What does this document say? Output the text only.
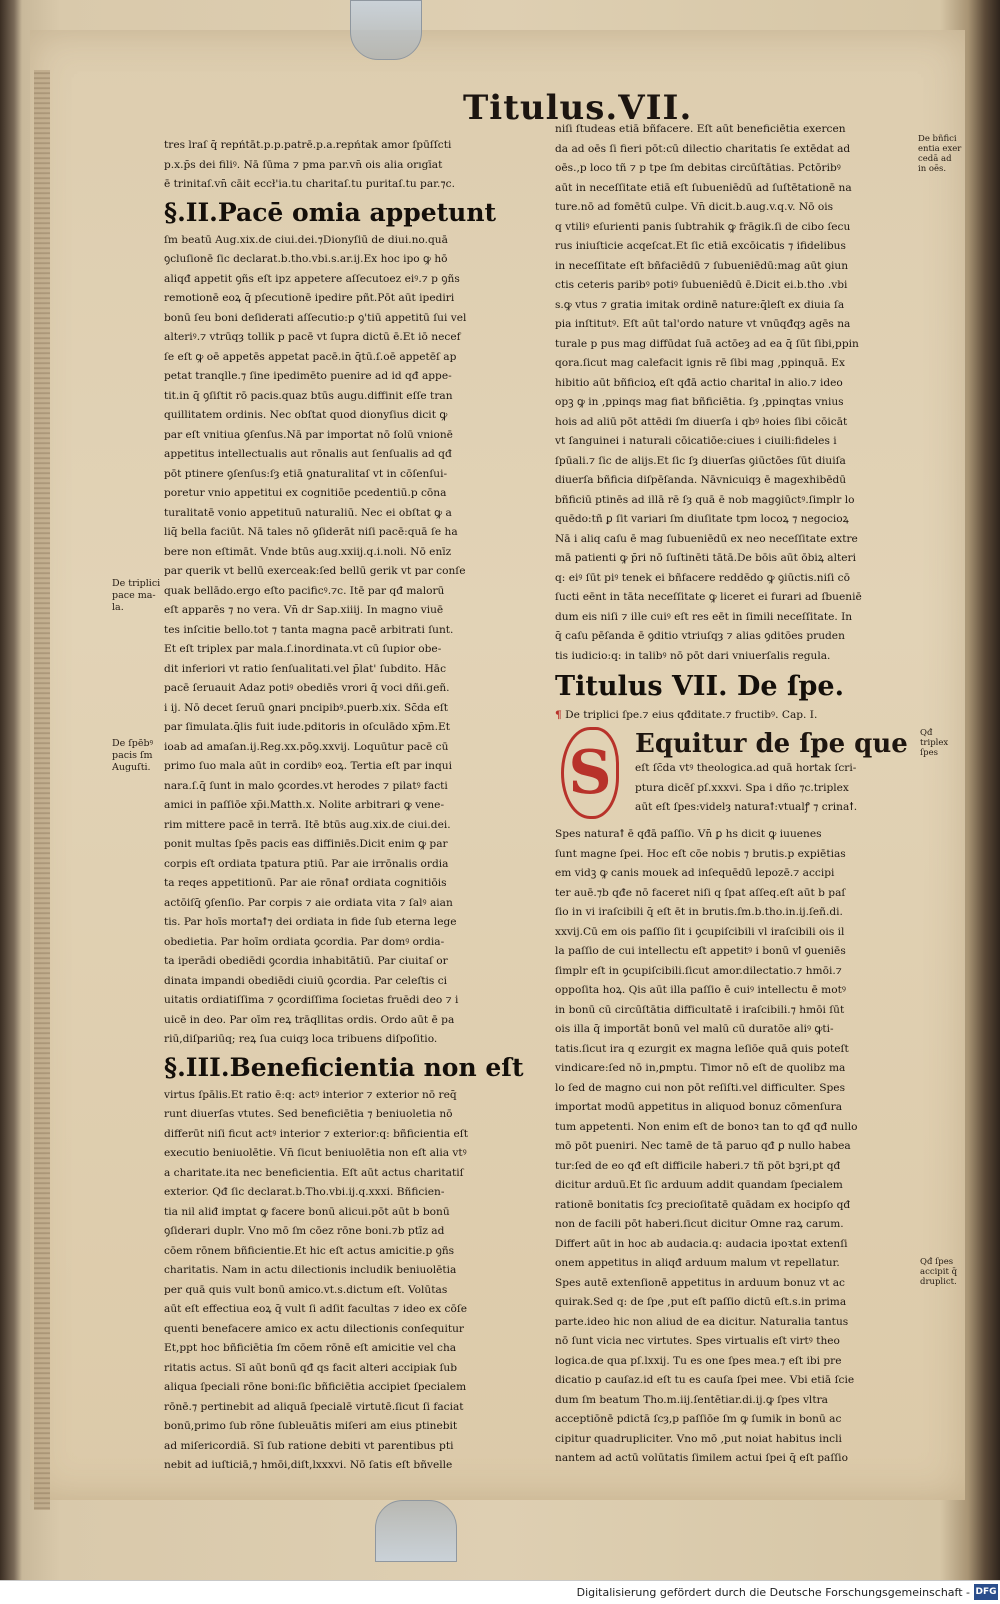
Titulus.VII.
De triplici
pace ma-
la.
De ſpēbꝰ
pacis ſm
Auguſti.
De bñfici
entia exer
cedā ad
in oēs.
Qđ triplex
ſpes
Qđ ſpes
accipit q̄
druplict.

tres lraſ q̄ repńtāt.p.p.patrē.p.a.repńtak amor ſpūſſcti

p.x.p̄s dei filiꝰ. Nā ſūma ⁊ pma par.vn̄ ois alia orıgīat

ē trinitaſ.vn̄ cāit eccł'ia.tu charitaſ.tu puritaſ.tu par.⁊c.

§.II.Pacē omia appetunt

ſm beatū Aug.xix.de ciui.dei.⁊Dionyſiū de diui.no.quā

ꝯcluſionē ſic declarat.b.tho.vbi.s.ar.ij.Ex hoc ipo ꝙ hō

aliqđ appetit ꝯñs eſt ipz appetere aſſecutoez eiꝰ.⁊ p ꝯñs

remotionē eoꝝ q̄ pſecutionē ipedire pñt.Pōt aūt ipediri

bonū ſeu boni deſiderati aſſecutio:p ꝯ'tiū appetitū ſui vel

alteriꝰ.⁊ vtrūqȝ tollik p pacē vt ſupra dictū ē.Et iō necef

ſe eſt ꝙ oē appetēs appetat pacē.in q̄tū.ſ.oē appetēſ ap

petat tranqlle.⁊ ſine ipedimēto puenire ad id qđ appe-

tit.in q̄ ꝯſiſtit rō pacis.quaz btūs augu.diffinit eſſe tran

quillitatem ordinis. Nec obſtat quod dionyſius dicit ꝙ

par eſt vnitiua ꝯſenſus.Nā par importat nō ſolū vnionē

appetitus intellectualis aut rōnalis aut ſenſualis ad qđ

pōt ptinere ꝯſenſus:ſȝ etiā ꝯnaturalitaſ vt in cōſenſui-

poretur vnio appetitui ex cognitiōe pcedentiū.p cōna

turalitatē vonio appetituū naturaliū. Nec ei obſtat ꝙ a

liq̄ bella faciūt. Nā tales nō ꝯſiderāt niſi pacē:quā ſe ha

bere non eſtimāt. Vnde btūs aug.xxiij.q.i.noli. Nō enīz

par querik vt bellū exerceak:ſed bellū gerik vt par conſe

quak bellādo.ergo eſto pacificꝰ.⁊c. Itē par qđ malorū

eſt apparēs ⁊ no vera. Vn̄ dr Sap.xiiij. In magno viuē

tes inſcitie bello.tot ⁊ tanta magna pacē arbitrati ſunt.

Et eſt triplex par mala.ſ.inordinata.vt cū ſupior obe-

dit inferiori vt ratio ſenſualitati.vel p̄lat' ſubdito. Hāc

pacē ſeruauit Adaz potiꝰ obediēs vrori q̄ voci dñi.geñ.

i ij. Nō decet ſeruū ꝯnari pncipibꝰ.puerb.xix. Sc̄da eſt

par ſimulata.q̄lis fuit iude.pditoris in oſculādo xp̄m.Et

ioab ad amaſan.ij.Reg.xx.pōꝯ.xxvij. Loquūtur pacē cū

primo ſuo mala aūt in cordibꝰ eoꝝ. Tertia eſt par inqui

nara.ſ.q̄ ſunt in malo ꝯcordes.vt herodes ⁊ pilatꝰ facti

amici in paſſiōe xp̄i.Matth.x. Nolite arbitrari ꝙ vene-

rim mittere pacē in terrā. Itē btūs aug.xix.de ciui.dei.

ponit multas ſpēs pacis eas diffiniēs.Dicit enim ꝙ par

corpis eſt ordiata tpatura ptiū. Par aie irrōnalis ordia

ta reqes appetitionū. Par aie rōnaꝉ ordiata cognitiōis

actōiſq̄ ꝯſenſio. Par corpis ⁊ aie ordiata vita ⁊ ſalꝰ aian

tis. Par hoīs mortaꝉ⁊ dei ordiata in fide ſub eterna lege

obedietia. Par hoīm ordiata ꝯcordia. Par domꝰ ordia-

ta iperādi obediēdi ꝯcordia inhabitātiū. Par ciuitaſ or

dinata impandi obediēdi ciuiū ꝯcordia. Par celeſtis ci

uitatis ordiatiſſima ⁊ ꝯcordiſſima ſocietas fruēdi deo ⁊ i

uicē in deo. Par oīm reꝝ trāqllitas ordis. Ordo aūt ē pa

riū,diſpariūq; reꝝ ſua cuiqȝ loca tribuens diſpoſitio.

§.III.Beneficientia non eſt

virtus ſpālis.Et ratio ē:q: actꝰ interior ⁊ exterior nō req̄

runt diuerſas vtutes. Sed beneficiētia ⁊ beniuoletia nō

differūt niſi ficut actꝰ interior ⁊ exterior:q: bñficientia eſt

executio beniuolētie. Vn̄ ſicut beniuolētia non eſt alia vtꝰ

a charitate.ita nec beneficientia. Eſt aūt actus charitatiſ

exterior. Qđ ſic declarat.b.Tho.vbi.ij.q.xxxi. Bñficien-

tia nil aliđ imptat ꝙ facere bonū alicui.pōt aūt b bonū

ꝯſiderari duplr. Vno mō ſm cōez rōne boni.⁊b ptīz ad

cōem rōnem bñficientie.Et hic eſt actus amicitie.p ꝯñs

charitatis. Nam in actu dilectionis includik beniuolētia

per quā quis vult bonū amico.vt.s.dictum eſt. Volūtas

aūt eſt effectiua eoꝝ q̄ vult ſi adſit facultas ⁊ ideo ex cōſe

quenti benefacere amico ex actu dilectionis conſequitur

Et,ppt hoc bñficiētia ſm cōem rōnē eſt amicitie vel cha

ritatis actus. Sī aūt bonū qđ qs facit alteri accipiak ſub

aliqua ſpeciali rōne boni:ſic bñficiētia accipiet ſpecialem

rōnē.⁊ pertinebit ad aliquā ſpecialē virtutē.ſicut ſi faciat

bonū,primo ſub rōne ſubleuātis miſeri am eius ptinebit

ad miſericordiā. Sī ſub ratione debiti vt parentibus pti

nebit ad iuſticiā,⁊ hmōi,diſt,lxxxvi. Nō ſatis eſt bñvelle

niſi ſtudeas etiā bñfacere. Eſt aūt beneficiētia exercen

da ad oēs ſi fieri pōt:cū dilectio charitatis ſe extēdat ad

oēs.,p loco tñ ⁊ p tpe ſm debitas circūſtātias. Pctōribꝰ

aūt in neceſſitate etiā eſt ſubueniēdū ad ſuſtētationē na

ture.nō ad fomētū culpe. Vn̄ dicit.b.aug.v.q.v. Nō ois

q vtiliꝰ eſurienti panis ſubtrahik ꝙ frāgik.ſi de cibo ſecu

rus iniuſticie acqeſcat.Et ſic etiā excōicatis ⁊ ifidelibus

in neceſſitate eſt bñfaciēdū ⁊ ſubueniēdū:mag aūt ꝯiun

ctis ceteris paribꝰ potiꝰ ſubueniēdū ē.Dicit ei.b.tho .vbi

s.ꝙ vtus ⁊ gratia imitak ordinē nature:q̄leſt ex diuia ſa

pia inſtitutꝰ. Eſt aūt tal'ordo nature vt vnūqđqȝ agēs na

turale p pus mag diffūdat ſuā actōeȝ ad ea q̄ ſūt ſibi,ppin

qora.ſicut mag calefacit ignis rē ſibi mag ,ppinquā. Ex

hibitio aūt bñficioꝝ eſt qđā actio charitaꝉ in alio.⁊ ideo

opꝫ ꝙ in ,ppinqs mag fiat bñficiētia. ſȝ ,ppinqtas vnius

hois ad aliū pōt attēdi ſm diuerſa i qbꝰ hoies ſibi cōicāt

vt ſanguinei i naturali cōicatiōe:ciues i ciuili:fideles i

ſpūali.⁊ ſic de alijs.Et ſic ſȝ diuerſas ꝯiūctōes ſūt diuiſa

diuerſa bñficia diſpēſanda. Nāvnicuiqȝ ē magexhibēdū

bñficiū ptinēs ad illā rē ſȝ quā ē nob magꝯiūctꝰ.ſimplr lo

quēdo:tñ ꝑ ſit variari ſm diuſitate tpm locoꝝ ⁊ negocioꝝ

Nā i aliq caſu ē mag ſubueniēdū ex neo neceſſitate extre

mā patienti ꝙ p̄ri nō ſuſtinēti tātā.De bōis aūt ōbiꝝ alteri

q: eiꝰ ſūt piꝰ tenek ei bñfacere reddēdo ꝙ ꝯiūctis.niſi cō

ſucti eēnt in tāta neceſſitate ꝙ liceret ei furari ad ſbueniē

dum eis niſi ⁊ ille cuiꝰ eſt res eēt in ſimili neceſſitate. In

q̄ caſu pēſanda ē ꝯditio vtriuſqȝ ⁊ alias ꝯditōes pruden

tis iudicio:q: in talibꝰ nō pōt dari vniuerſalis regula.

Titulus VII. De ſpe.
¶ De triplici ſpe.⁊ eius qđditate.⁊ fructibꝰ. Cap. I.
S Equitur de ſpe que

eſt ſc̄da vtꝰ theologica.ad quā hortak ſcri-

ptura dicēſ pſ.xxxvi. Spa i dño ⁊c.triplex

aūt eſt ſpes:videlȝ naturaꝉ:vtualꝭ ⁊ crinaꝉ.

Spes naturaꝉ ē qđā paſſio. Vn̄ ꝑ hs dicit ꝙ iuuenes

ſunt magne ſpei. Hoc eſt cōe nobis ⁊ brutis.p expiētias

em vidꝫ ꝙ canis mouek ad inſequēdū lepozē.⁊ accipi

ter auē.⁊b qđe nō faceret niſi q ſpat aſſeq.eſt aūt b paſ

ſio in vi iraſcibili q̄ eſt ēt in brutis.ſm.b.tho.in.ij.ſeñ.di.

xxvij.Cū em ois paſſio ſit i ꝯcupiſcibili vl iraſcibili ois il

la paſſio de cui intellectu eſt appetitꝰ i bonū vꝉ ꝯueniēs

ſimplr eſt in ꝯcupiſcibili.ſicut amor.dilectatio.⁊ hmōi.⁊

oppoſita hoꝝ. Qis aūt illa paſſio ē cuiꝰ intellectu ē motꝰ

in bonū cū circūſtātia difficultatē i iraſcibili.⁊ hmōi ſūt

ois illa q̄ importāt bonū vel malū cū duratōe aliꝰ ꝙti-

tatis.ſicut ira q ezurgit ex magna leſiōe quā quis poteſt

vindicare:ſed nō in,ꝑmptu. Timor nō eſt de quolibz ma

lo ſed de magno cui non pōt reſiſti.vel difficulter. Spes

importat modū appetitus in aliquod bonuz cōmenſura

tum appetenti. Non enim eſt de bonoꝛ tan to qđ qđ nullo

mō pōt pueniri. Nec tamē de tā paruo qđ ꝑ nullo habea

tur:ſed de eo qđ eſt difficile haberi.⁊ tñ pōt bꝫri,pt qđ

dicitur arduū.Et ſic arduum addit quandam ſpecialem

rationē bonitatis ſcȝ precioſitatē quādam ex hocipſo qđ

non de facili pōt haberi.ſicut dicitur Omne raꝝ carum.

Differt aūt in hoc ab audacia.q: audacia ipoꝛtat extenſi

onem appetitus in aliqđ arduum malum vt repellatur.

Spes autē extenſionē appetitus in arduum bonuz vt ac

quirak.Sed q: de ſpe ,put eſt paſſio dictū eſt.s.in prima

parte.ideo hic non aliud de ea dicitur. Naturalia tantus

nō ſunt vicia nec virtutes. Spes virtualis eſt virtꝰ theo

logica.de qua pſ.lxxij. Tu es one ſpes mea.⁊ eſt ibi pre

dicatio p cauſaz.id eſt tu es cauſa ſpei mee. Vbi etiā ſcie

dum ſm beatum Tho.m.iij.ſentētiar.di.ij.ꝙ ſpes vltra

acceptiōnē pdictā ſcȝ,p paſſiōe ſm ꝙ ſumik in bonū ac

cipitur quadrupliciter. Vno mō ,put noiat habitus incli

nantem ad actū volūtatis ſimilem actui ſpei q̄ eſt paſſio

Digitalisierung gefördert durch die Deutsche Forschungsgemeinschaft - DFG
